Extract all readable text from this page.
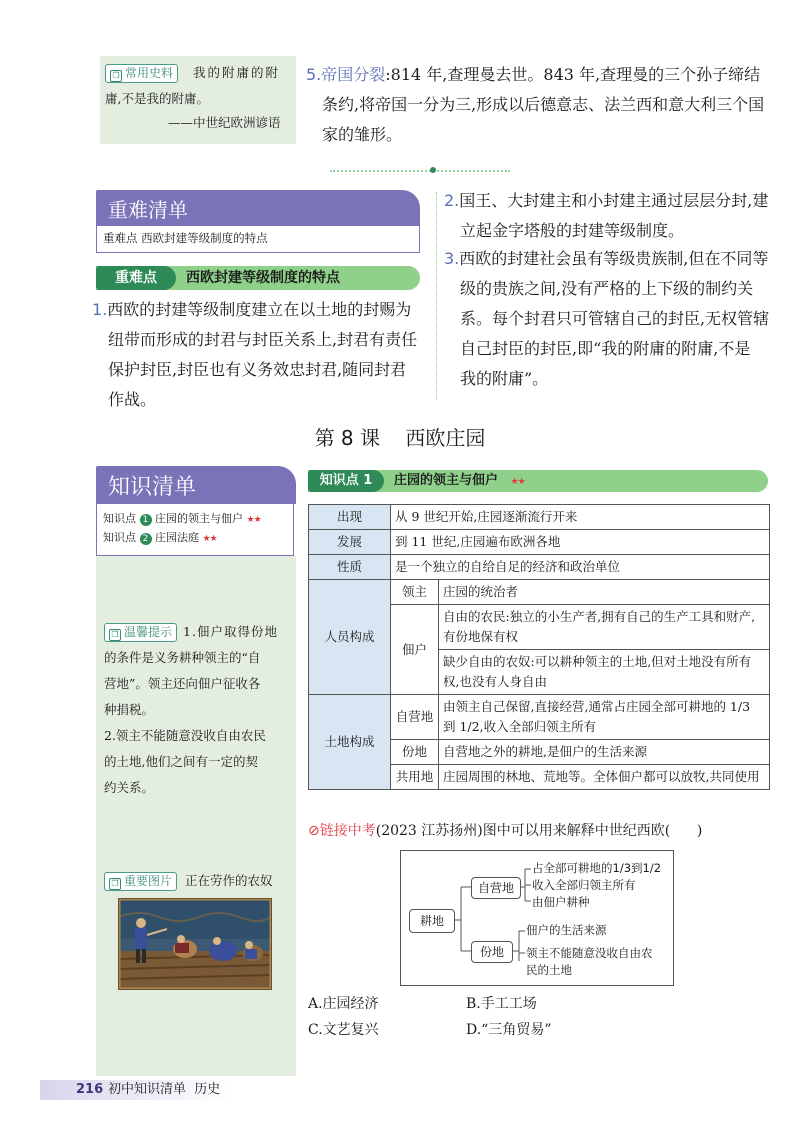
❐ 常用史料	我的附庸的附
庸,不是我的附庸。
——中世纪欧洲谚语
5.帝国分裂:814 年,查理曼去世。843 年,查理曼的三个孙子缔结
条约,将帝国一分为三,形成以后德意志、法兰西和意大利三个国
家的雏形。
重难清单
重难点 西欧封建等级制度的特点
重难点	西欧封建等级制度的特点
1.西欧的封建等级制度建立在以土地的封赐为
纽带而形成的封君与封臣关系上,封君有责任
保护封臣,封臣也有义务效忠封君,随同封君
作战。
2.国王、大封建主和小封建主通过层层分封,建
立起金字塔般的封建等级制度。
3.西欧的封建社会虽有等级贵族制,但在不同等
级的贵族之间,没有严格的上下级的制约关
系。每个封君只可管辖自己的封臣,无权管辖
自己封臣的封臣,即“我的附庸的附庸,不是
我的附庸”。
第 8 课    西欧庄园
知识清单
知识点 1 庄园的领主与佃户 ★★
知识点 2 庄园法庭 ★★
❐ 温馨提示 1.佃户取得份地
的条件是义务耕种领主的“自
营地”。领主还向佃户征收各
种捐税。
2.领主不能随意没收自由农民
的土地,他们之间有一定的契
约关系。
❐ 重要图片 正在劳作的农奴
知识点 1	庄园的领主与佃户 ★★
出现	从 9 世纪开始,庄园逐渐流行开来	
发展	到 11 世纪,庄园遍布欧洲各地	
性质	是一个独立的自给自足的经济和政治单位	
人员构成	领主	庄园的统治者
	佃户	自由的农民:独立的小生产者,拥有自己的生产工具和财产,有份地保有权
		缺少自由的农奴:可以耕种领主的土地,但对土地没有所有权,也没有人身自由
土地构成	自营地	由领主自己保留,直接经营,通常占庄园全部可耕地的 1/3 到 1/2,收入全部归领主所有
	份地	自营地之外的耕地,是佃户的生活来源
	共用地	庄园周围的林地、荒地等。全体佃户都可以放牧,共同使用
⊘链接中考(2023 江苏扬州)图中可以用来解释中世纪西欧(      )
耕地
自营地
份地
占全部可耕地的1/3到1/2
收入全部归领主所有
由佃户耕种
佃户的生活来源
领主不能随意没收自由农
民的土地
A.庄园经济	B.手工工场
C.文艺复兴	D.“三角贸易”
216 初中知识清单  历史
